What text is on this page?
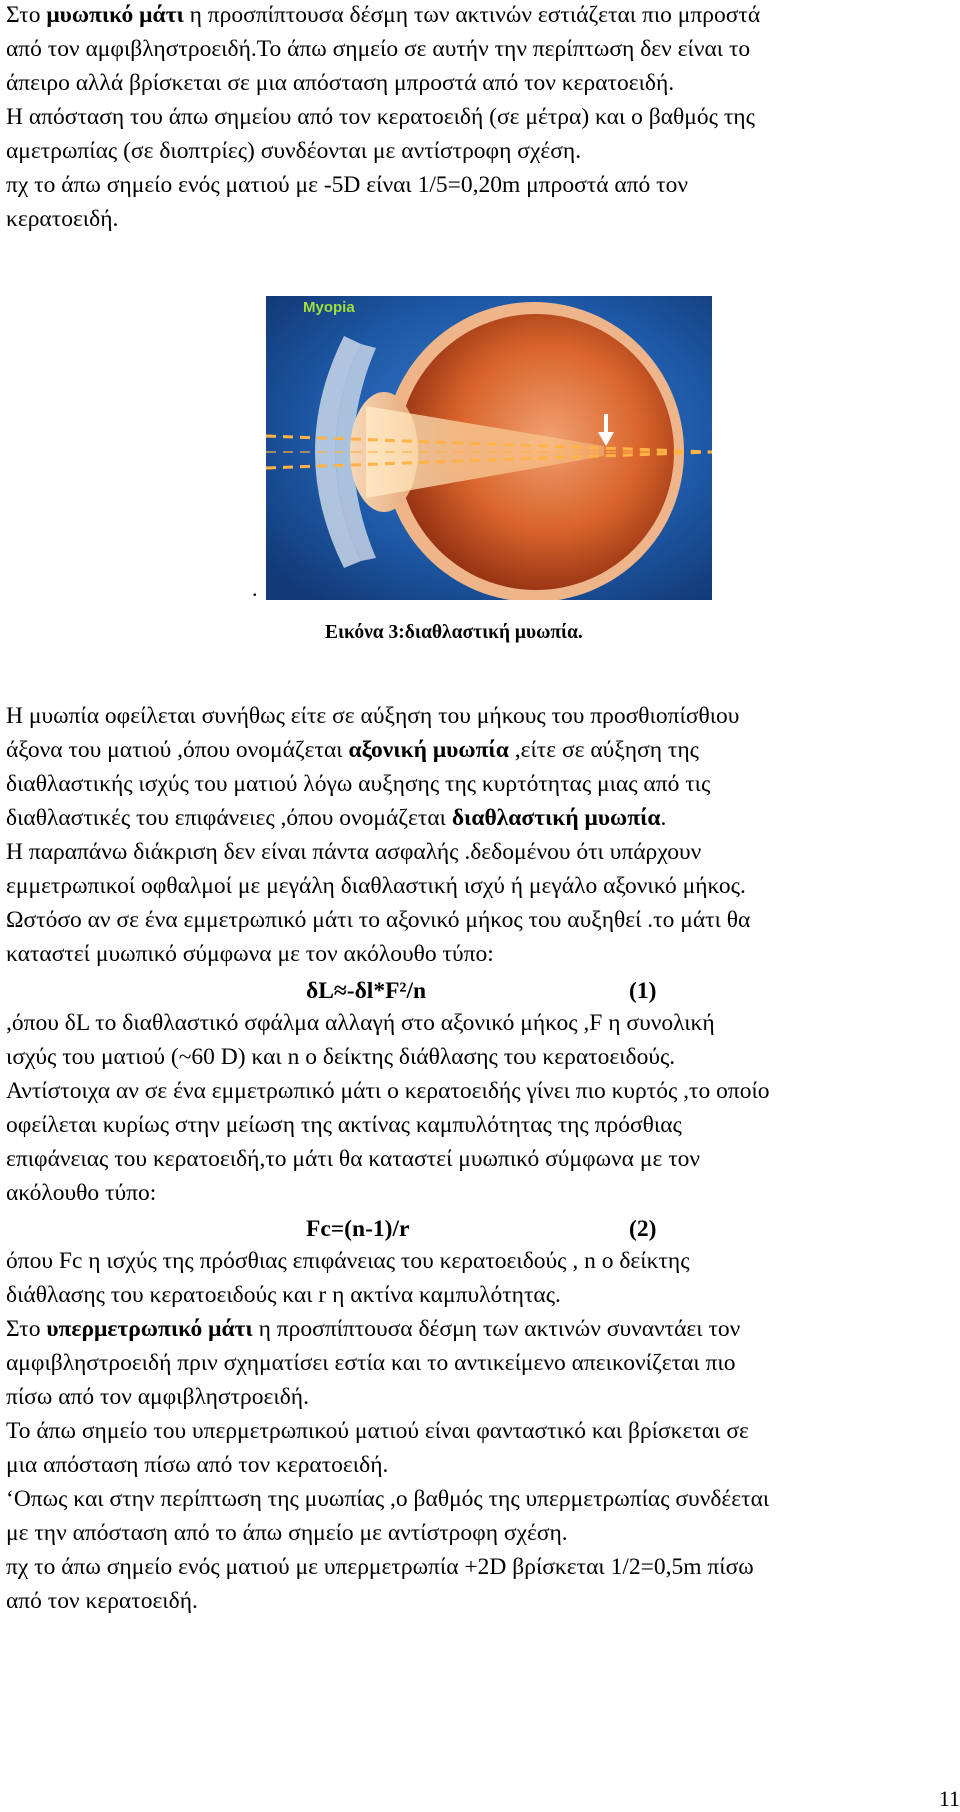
Στο μυωπικό μάτι η προσπίπτουσα δέσμη των ακτινών εστιάζεται πιο μπροστά
από τον αμφιβληστροειδή.Το άπω σημείο σε αυτήν την περίπτωση δεν είναι το
άπειρο αλλά βρίσκεται σε μια απόσταση μπροστά από τον κερατοειδή.
Η απόσταση του άπω σημείου από τον κερατοειδή (σε μέτρα) και ο βαθμός της
αμετρωπίας (σε διοπτρίες) συνδέονται με αντίστροφη σχέση.
πχ το άπω σημείο ενός ματιού με -5D είναι 1/5=0,20m μπροστά από τον
κερατοειδή.
Myopia
.
Εικόνα 3:διαθλαστική μυωπία.
Η μυωπία οφείλεται συνήθως είτε σε αύξηση του μήκους του προσθιοπίσθιου
άξονα του ματιού ,όπου ονομάζεται αξονική μυωπία ,είτε σε αύξηση της
διαθλαστικής ισχύς του ματιού λόγω αυξησης της κυρτότητας μιας από τις
διαθλαστικές του επιφάνειες ,όπου ονομάζεται διαθλαστική μυωπία.
Η παραπάνω διάκριση δεν είναι πάντα ασφαλής .δεδομένου ότι υπάρχουν
εμμετρωπικοί οφθαλμοί με μεγάλη διαθλαστική ισχύ ή μεγάλο αξονικό μήκος.
Ωστόσο αν σε ένα εμμετρωπικό μάτι το αξονικό μήκος του αυξηθεί .το μάτι θα
καταστεί μυωπικό σύμφωνα με τον ακόλουθο τύπο:
δL≈-δl*F²/n	(1)
,όπου δL το διαθλαστικό σφάλμα αλλαγή στο αξονικό μήκος ,F η συνολική
ισχύς του ματιού (~60 D) και n ο δείκτης διάθλασης του κερατοειδούς.
Αντίστοιχα αν σε ένα εμμετρωπικό μάτι ο κερατοειδής γίνει πιο κυρτός ,το οποίο
οφείλεται κυρίως στην μείωση της ακτίνας καμπυλότητας της πρόσθιας
επιφάνειας του κερατοειδή,το μάτι θα καταστεί μυωπικό σύμφωνα με τον
ακόλουθο τύπο:
Fc=(n-1)/r	(2)
όπου Fc η ισχύς της πρόσθιας επιφάνειας του κερατοειδούς , n ο δείκτης
διάθλασης του κερατοειδούς και r η ακτίνα καμπυλότητας.
Στο υπερμετρωπικό μάτι η προσπίπτουσα δέσμη των ακτινών συναντάει τον
αμφιβληστροειδή πριν σχηματίσει εστία και το αντικείμενο απεικονίζεται πιο
πίσω από τον αμφιβληστροειδή.
Το άπω σημείο του υπερμετρωπικού ματιού είναι φανταστικό και βρίσκεται σε
μια απόσταση πίσω από τον κερατοειδή.
‘Οπως και στην περίπτωση της μυωπίας ,ο βαθμός της υπερμετρωπίας συνδέεται
με την απόσταση από το άπω σημείο με αντίστροφη σχέση.
πχ το άπω σημείο ενός ματιού με υπερμετρωπία +2D βρίσκεται 1/2=0,5m πίσω
από τον κερατοειδή.
11
